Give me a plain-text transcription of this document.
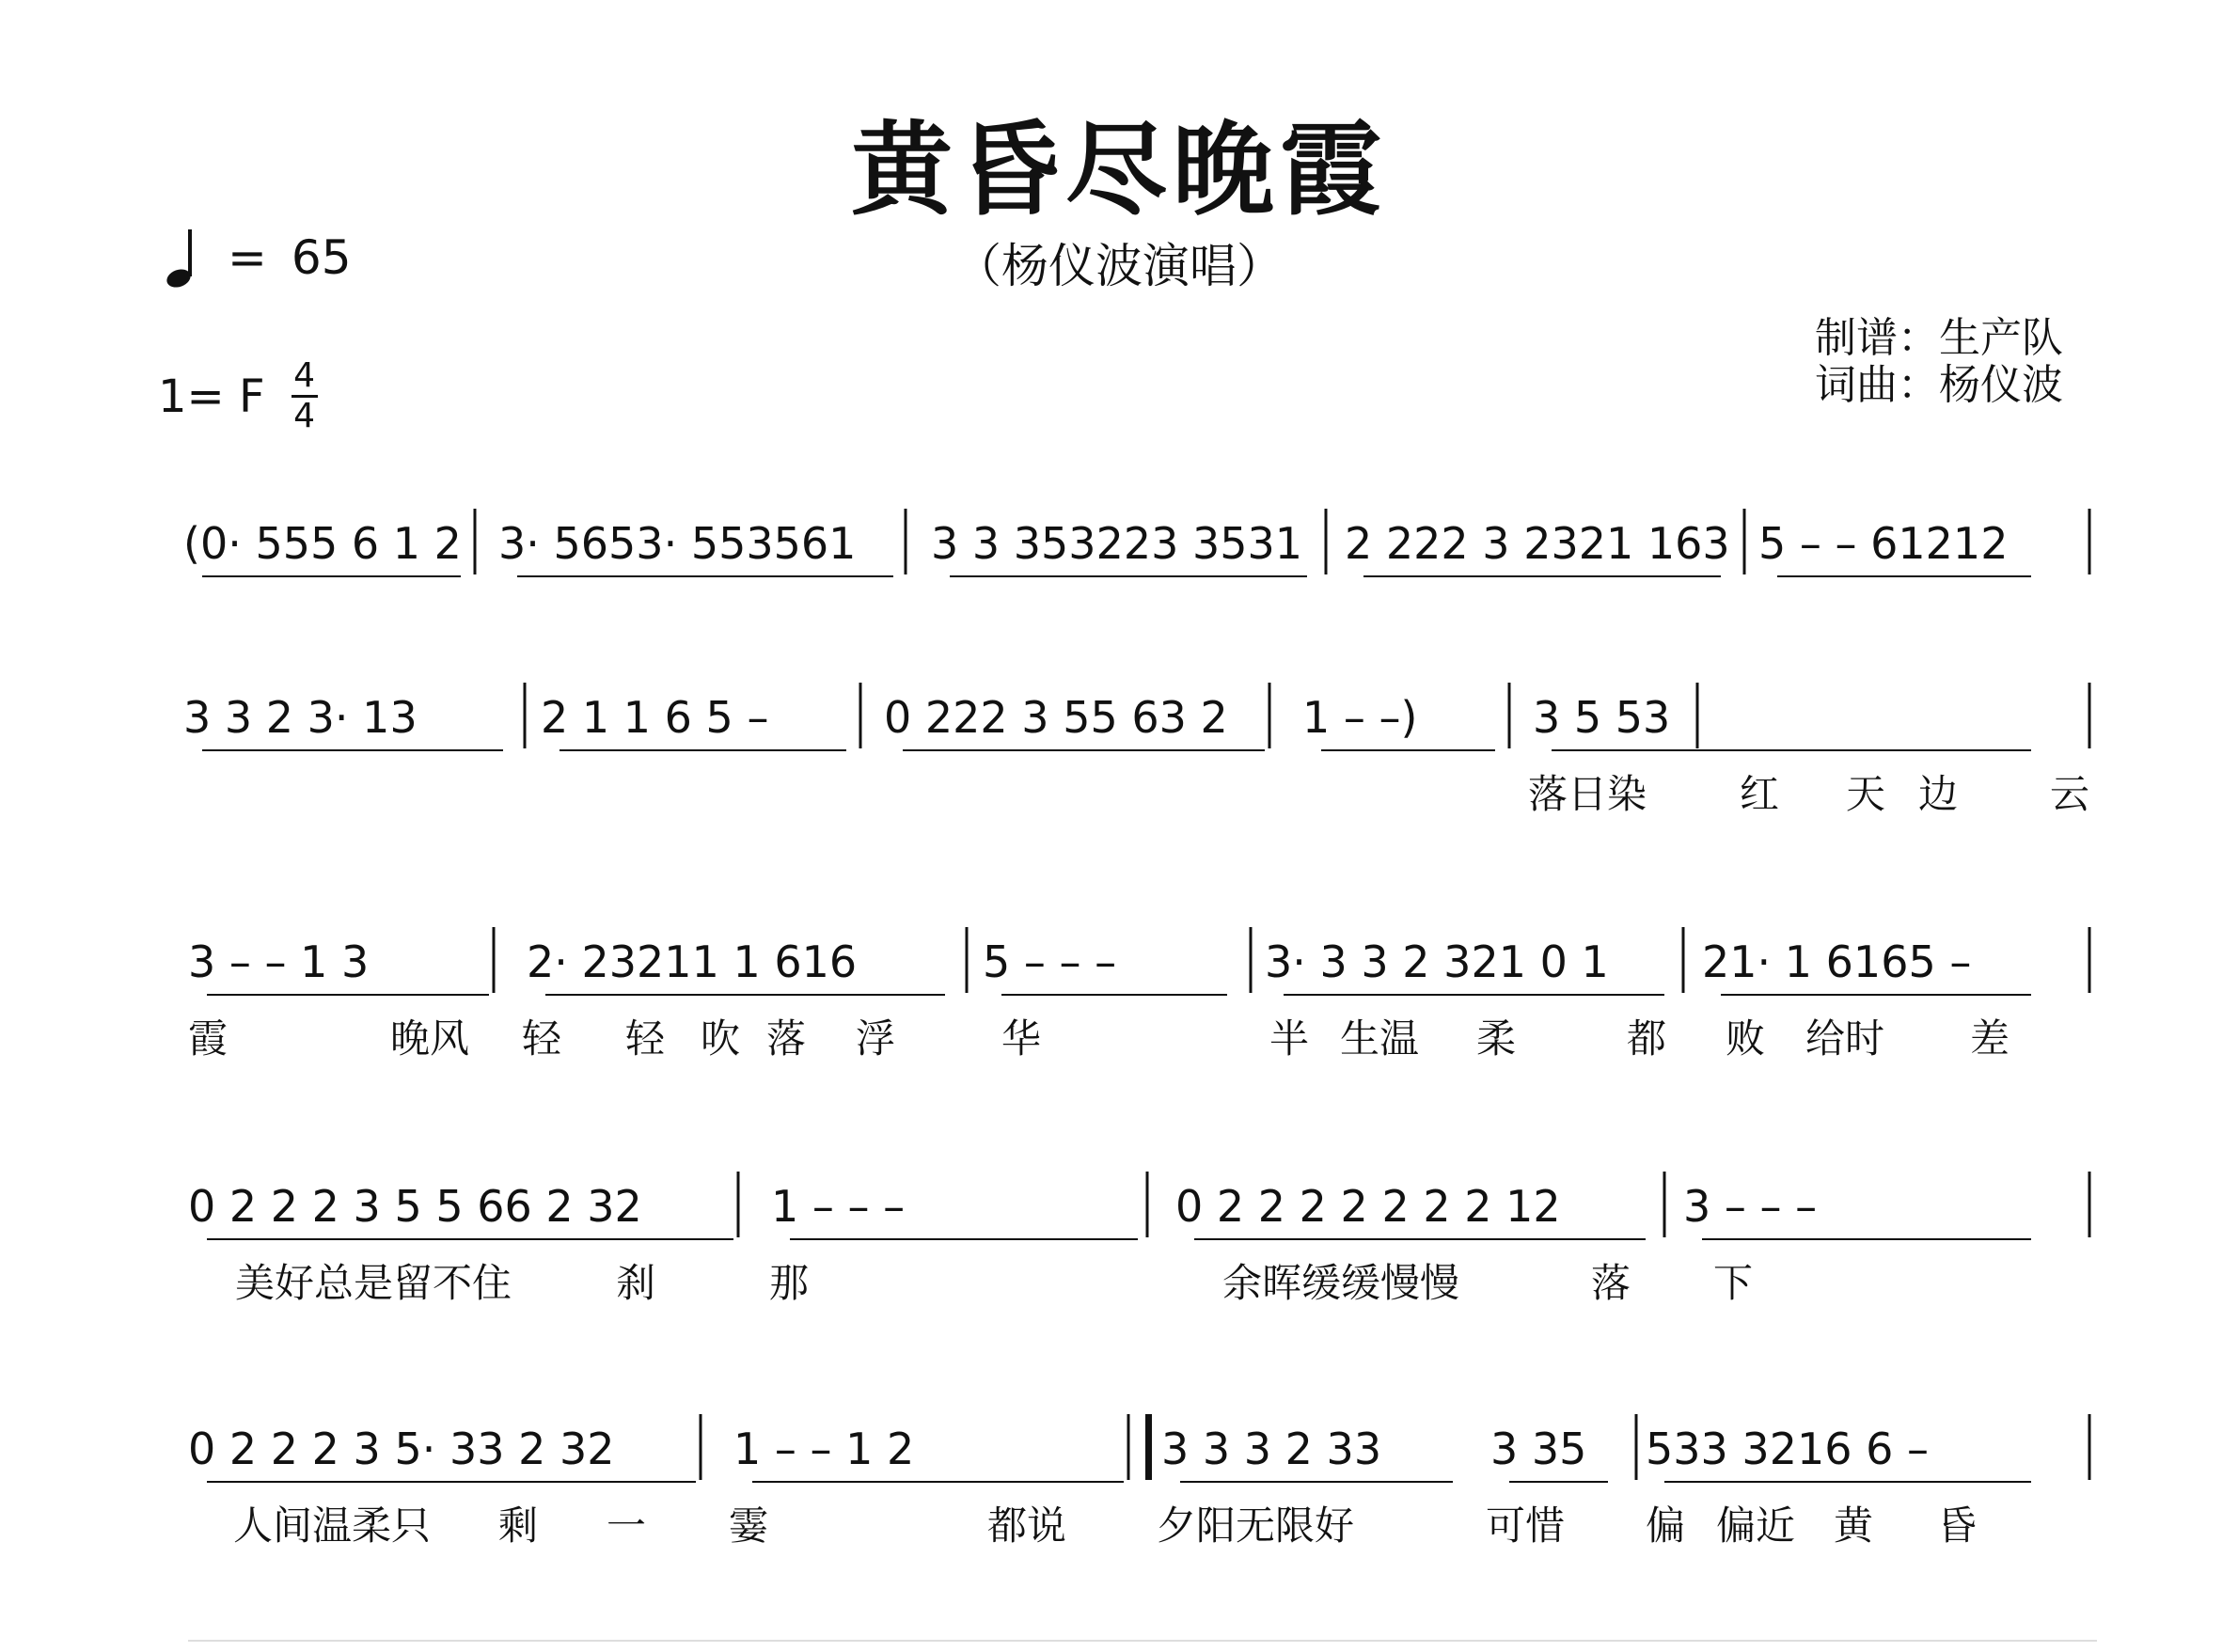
黄昏尽晚霞
（杨仪波演唱）
= 65
1= F 4
4
制谱：生产队
词曲：杨仪波
(0· 555 6 1 2 3· 5653· 553561 3 3 353223 3531 2 222 3 2321 163 5 – – 61212
3 3 2 3· 13	2 1 1 6 5 –	0 222 3 55 63 2 1 – –)	3 5 53
落日染 红 天 边 云
3 – – 1 3	2· 23211 1 616	5 – – –	3· 3 3 2 321 0 1 21· 1 6165 –
霞	晚风 轻 轻 吹 落 浮	华	半 生温 柔	都 败 给时 差
0 2 2 2 3 5 5 66 2 32	1 – – –	0 2 2 2 2 2 2 2 12	3 – – –
美好总是留不住	刹	那	余晖缓缓慢慢	落 下
0 2 2 2 3 5· 33 2 32	1 – – 1 2	3 3 3 2 33	3 35 533 3216 6 –
人间温柔只 剩 一 霎	都说 夕阳无限好	可惜 偏 偏近 黄 昏
